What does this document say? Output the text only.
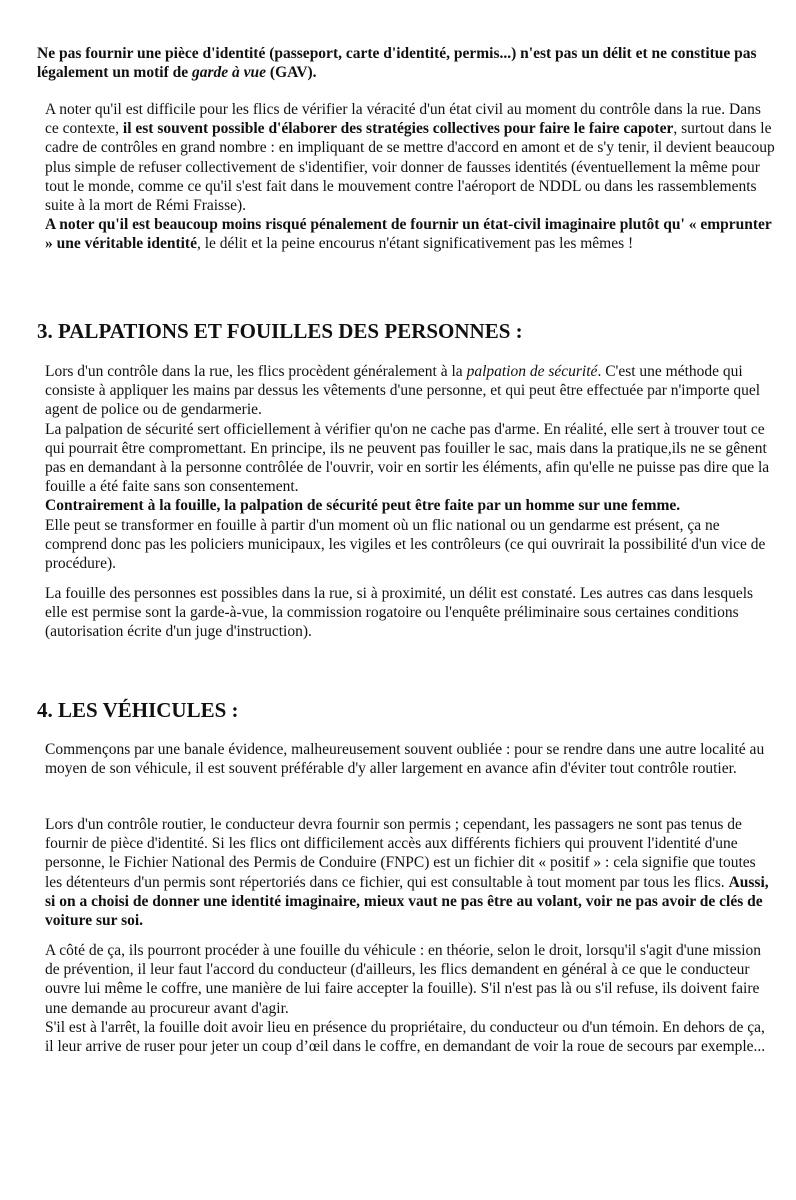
Ne pas fournir une pièce d'identité (passeport, carte d'identité, permis...) n'est pas un délit et ne constitue pas légalement un motif de garde à vue (GAV).

A noter qu'il est difficile pour les flics de vérifier la véracité d'un état civil au moment du contrôle dans la rue. Dans ce contexte, il est souvent possible d'élaborer des stratégies collectives pour faire le faire capoter, surtout dans le cadre de contrôles en grand nombre : en impliquant de se mettre d'accord en amont et de s'y tenir, il devient beaucoup plus simple de refuser collectivement de s'identifier, voir donner de fausses identités (éventuellement la même pour tout le monde, comme ce qu'il s'est fait dans le mouvement contre l'aéroport de NDDL ou dans les rassemblements suite à la mort de Rémi Fraisse).
A noter qu'il est beaucoup moins risqué pénalement de fournir un état-civil imaginaire plutôt qu' « emprunter » une véritable identité, le délit et la peine encourus n'étant significativement pas les mêmes !

3. PALPATIONS ET FOUILLES DES PERSONNES :

Lors d'un contrôle dans la rue, les flics procèdent généralement à la palpation de sécurité. C'est une méthode qui consiste à appliquer les mains par dessus les vêtements d'une personne, et qui peut être effectuée par n'importe quel agent de police ou de gendarmerie.
La palpation de sécurité sert officiellement à vérifier qu'on ne cache pas d'arme. En réalité, elle sert à trouver tout ce qui pourrait être compromettant. En principe, ils ne peuvent pas fouiller le sac, mais dans la pratique,ils ne se gênent pas en demandant à la personne contrôlée de l'ouvrir, voir en sortir les éléments, afin qu'elle ne puisse pas dire que la fouille a été faite sans son consentement.
Contrairement à la fouille, la palpation de sécurité peut être faite par un homme sur une femme.
Elle peut se transformer en fouille à partir d'un moment où un flic national ou un gendarme est présent, ça ne comprend donc pas les policiers municipaux, les vigiles et les contrôleurs (ce qui ouvrirait la possibilité d'un vice de procédure).

La fouille des personnes est possibles dans la rue, si à proximité, un délit est constaté. Les autres cas dans lesquels elle est permise sont la garde-à-vue, la commission rogatoire ou l'enquête préliminaire sous certaines conditions (autorisation écrite d'un juge d'instruction).

4. LES VÉHICULES :

Commençons par une banale évidence, malheureusement souvent oubliée : pour se rendre dans une autre localité au moyen de son véhicule, il est souvent préférable d'y aller largement en avance afin d'éviter tout contrôle routier.

Lors d'un contrôle routier, le conducteur devra fournir son permis ; cependant, les passagers ne sont pas tenus de fournir de pièce d'identité. Si les flics ont difficilement accès aux différents fichiers qui prouvent l'identité d'une personne, le Fichier National des Permis de Conduire (FNPC) est un fichier dit « positif » : cela signifie que toutes les détenteurs d'un permis sont répertoriés dans ce fichier, qui est consultable à tout moment par tous les flics. Aussi, si on a choisi de donner une identité imaginaire, mieux vaut ne pas être au volant, voir ne pas avoir de clés de voiture sur soi.

A côté de ça, ils pourront procéder à une fouille du véhicule : en théorie, selon le droit, lorsqu'il s'agit d'une mission de prévention, il leur faut l'accord du conducteur (d'ailleurs, les flics demandent en général à ce que le conducteur ouvre lui même le coffre, une manière de lui faire accepter la fouille). S'il n'est pas là ou s'il refuse, ils doivent faire une demande au procureur avant d'agir.
S'il est à l'arrêt, la fouille doit avoir lieu en présence du propriétaire, du conducteur ou d'un témoin. En dehors de ça, il leur arrive de ruser pour jeter un coup d’œil dans le coffre, en demandant de voir la roue de secours par exemple...
